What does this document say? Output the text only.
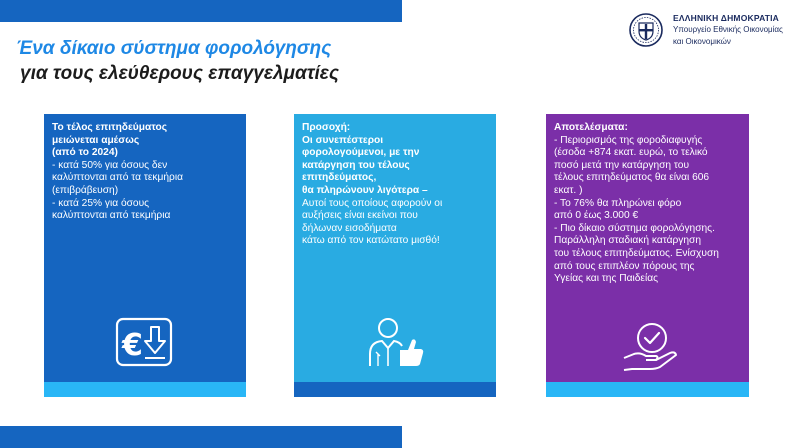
Ένα δίκαιο σύστημα φορολόγησης
για τους ελεύθερους επαγγελματίες
ΕΛΛΗΝΙΚΗ ΔΗΜΟΚΡΑΤΙΑ
Υπουργείο Εθνικής Οικονομίας
και Οικονομικών
Το τέλος επιτηδεύματος
μειώνεται αμέσως
(από το 2024)
- κατά 50% για όσους δεν
καλύπτονται από τα τεκμήρια
(επιβράβευση)
- κατά 25% για όσους
καλύπτονται από τεκμήρια
€
Προσοχή:
Οι συνεπέστεροι
φορολογούμενοι, με την
κατάργηση του τέλους
επιτηδεύματος,
θα πληρώνουν λιγότερα –
Αυτοί τους οποίους αφορούν οι
αυξήσεις είναι εκείνοι που
δήλωναν εισοδήματα
κάτω από τον κατώτατο μισθό!
Αποτελέσματα:
- Περιορισμός της φοροδιαφυγής
(έσοδα +874 εκατ. ευρώ, το τελικό
ποσό μετά την κατάργηση του
τέλους επιτηδεύματος θα είναι 606
εκατ. )
- Το 76% θα πληρώνει φόρο
από 0 έως 3.000 €
- Πιο δίκαιο σύστημα φορολόγησης.
Παράλληλη σταδιακή κατάργηση
του τέλους επιτηδεύματος. Ενίσχυση
από τους επιπλέον πόρους της
Υγείας και της Παιδείας
